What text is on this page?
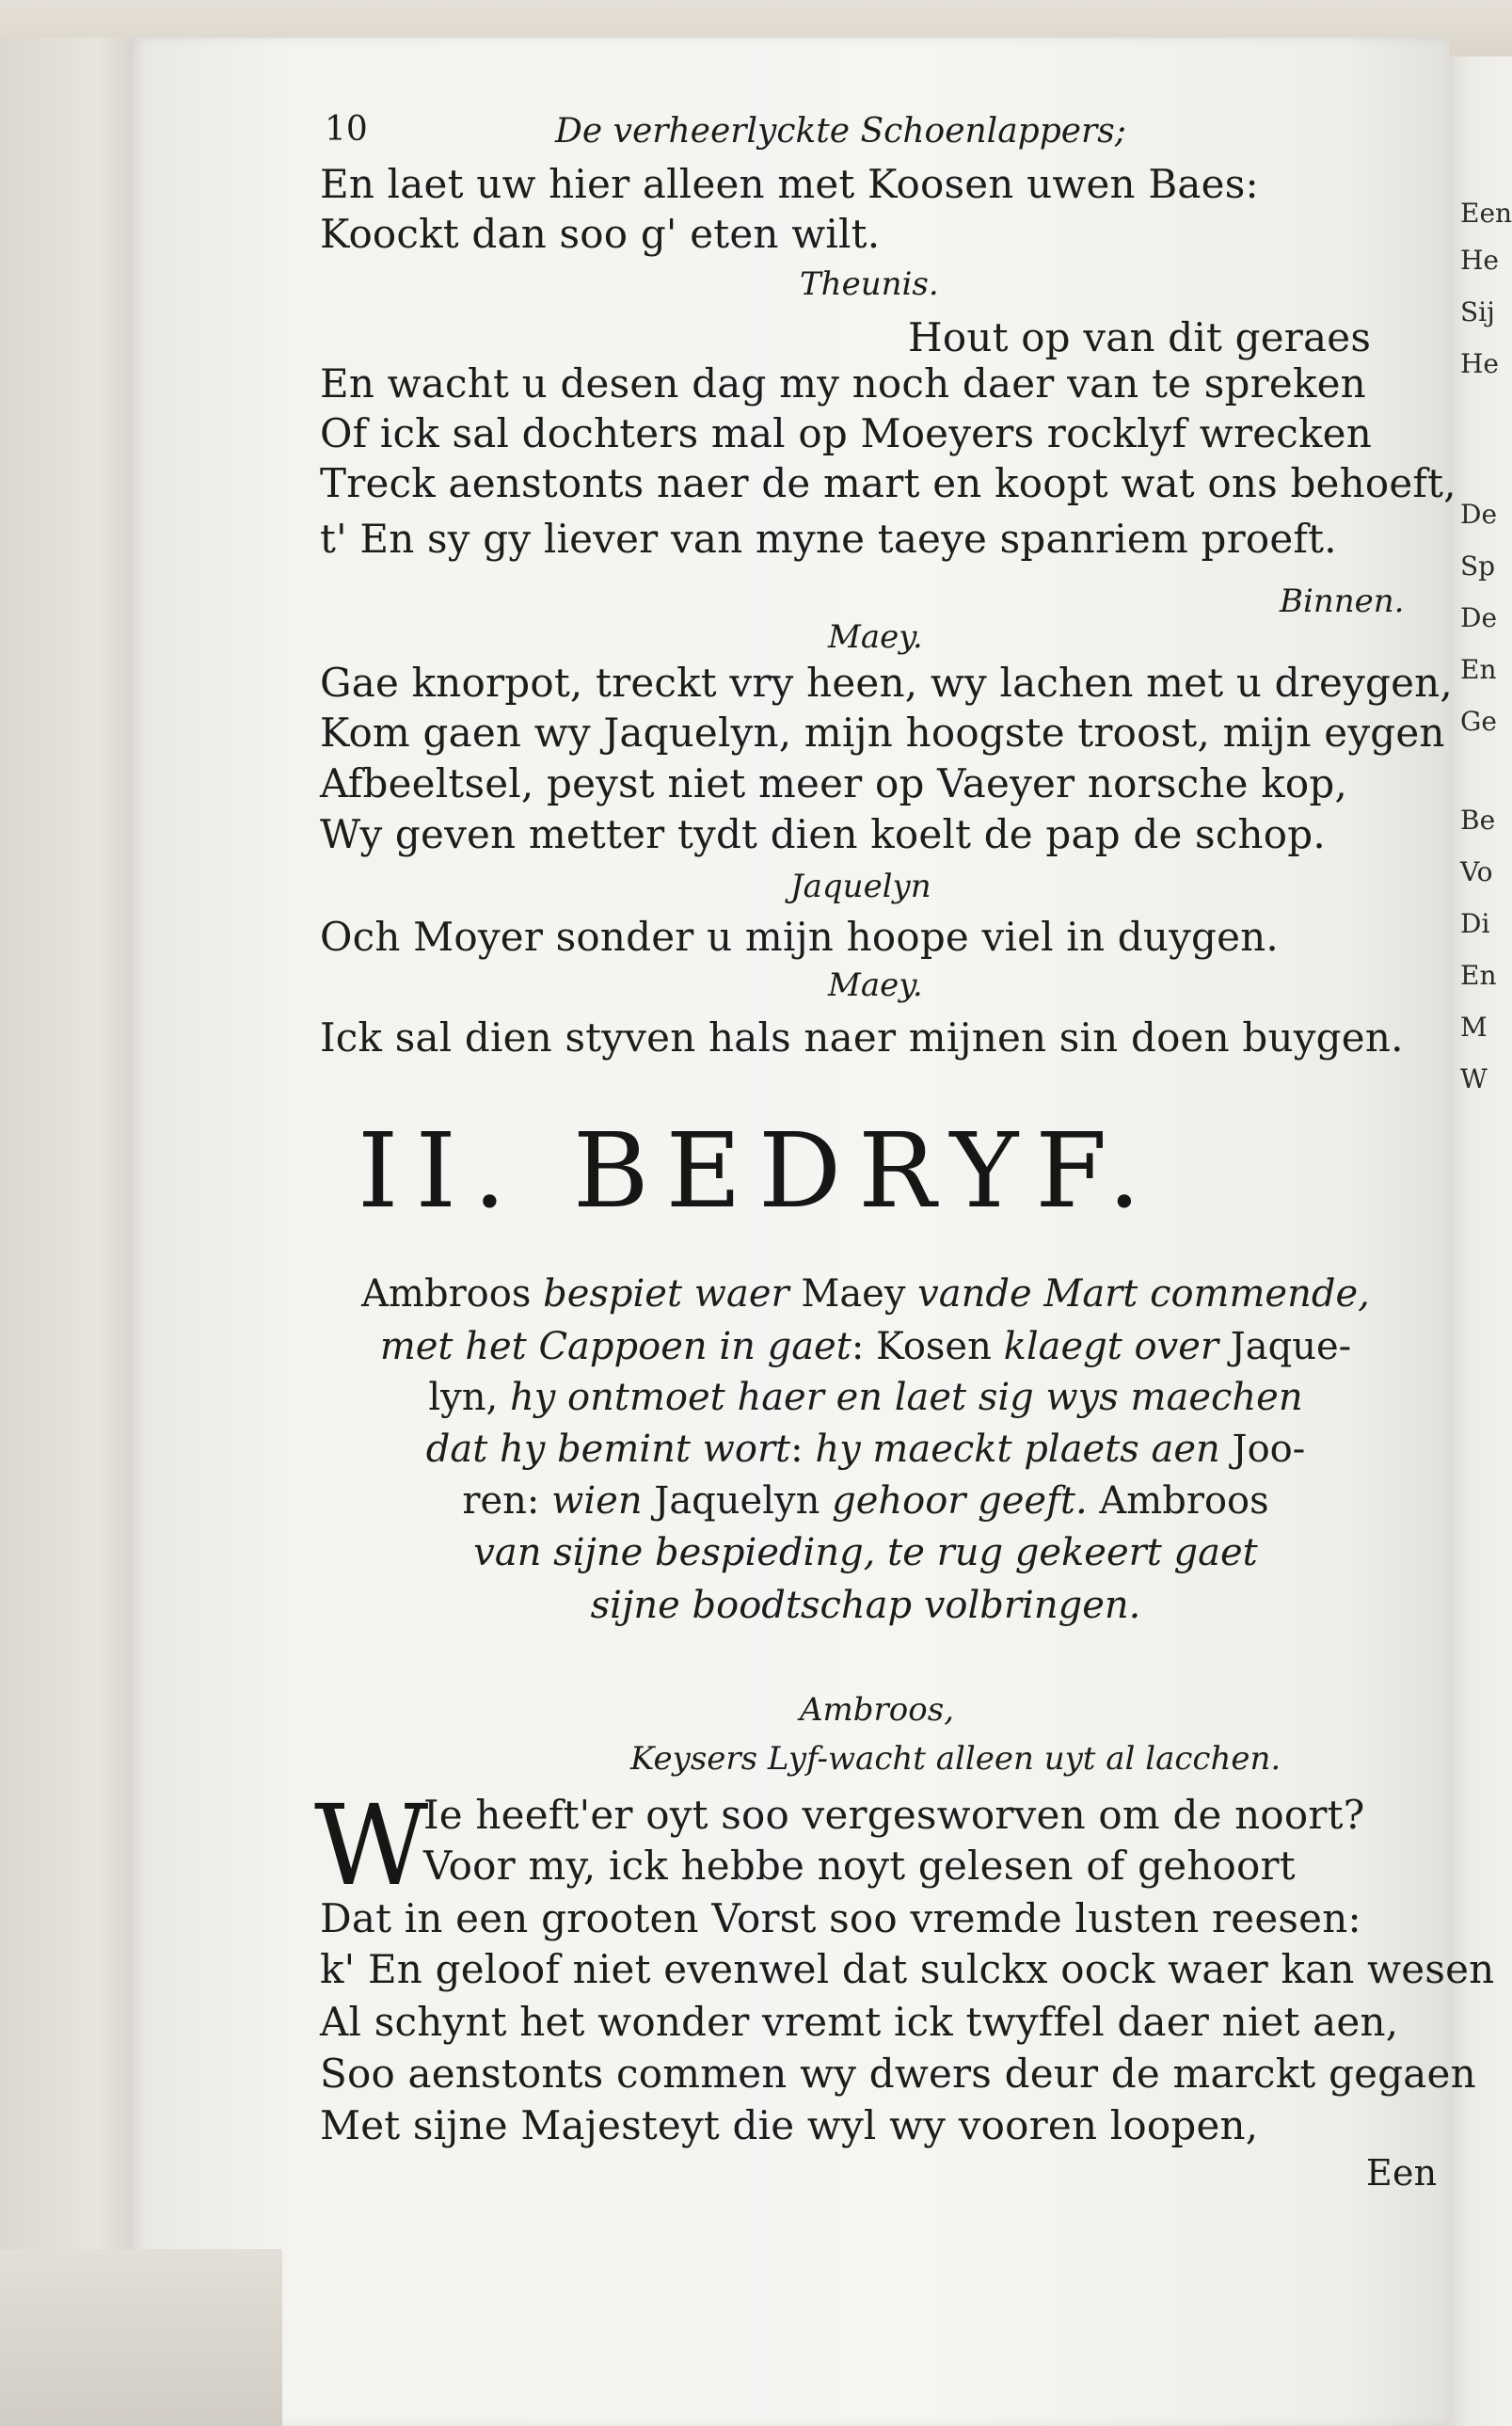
Een
He
Sij
He
De
Sp
De
En
Ge
Be
Vo
Di
En
M
W
10	De verheerlyckte Schoenlappers;
En laet uw hier alleen met Koosen uwen Baes:
Koockt dan soo g' eten wilt.
Theunis.
Hout op van dit geraes
En wacht u desen dag my noch daer van te spreken
Of ick sal dochters mal op Moeyers rocklyf wrecken
Treck aenstonts naer de mart en koopt wat ons behoeft,
t' En sy gy liever van myne taeye spanriem proeft.
Binnen.
Maey.
Gae knorpot, treckt vry heen, wy lachen met u dreygen,
Kom gaen wy Jaquelyn, mijn hoogste troost, mijn eygen
Afbeeltsel, peyst niet meer op Vaeyer norsche kop,
Wy geven metter tydt dien koelt de pap de schop.
Jaquelyn
Och Moyer sonder u mijn hoope viel in duygen.
Maey.
Ick sal dien styven hals naer mijnen sin doen buygen.
II. BEDRYF.
Ambroos bespiet waer Maey vande Mart commende,
met het Cappoen in gaet: Kosen klaegt over Jaque-
lyn, hy ontmoet haer en laet sig wys maechen
dat hy bemint wort: hy maeckt plaets aen Joo-
ren: wien Jaquelyn gehoor geeft. Ambroos
van sijne bespieding, te rug gekeert gaet
sijne boodtschap volbringen.
Ambroos,
Keysers Lyf-wacht alleen uyt al lacchen.
W
Ie heeft'er oyt soo vergesworven om de noort?
Voor my, ick hebbe noyt gelesen of gehoort
Dat in een grooten Vorst soo vremde lusten reesen:
k' En geloof niet evenwel dat sulckx oock waer kan wesen
Al schynt het wonder vremt ick twyffel daer niet aen,
Soo aenstonts commen wy dwers deur de marckt gegaen
Met sijne Majesteyt die wyl wy vooren loopen,
Een
